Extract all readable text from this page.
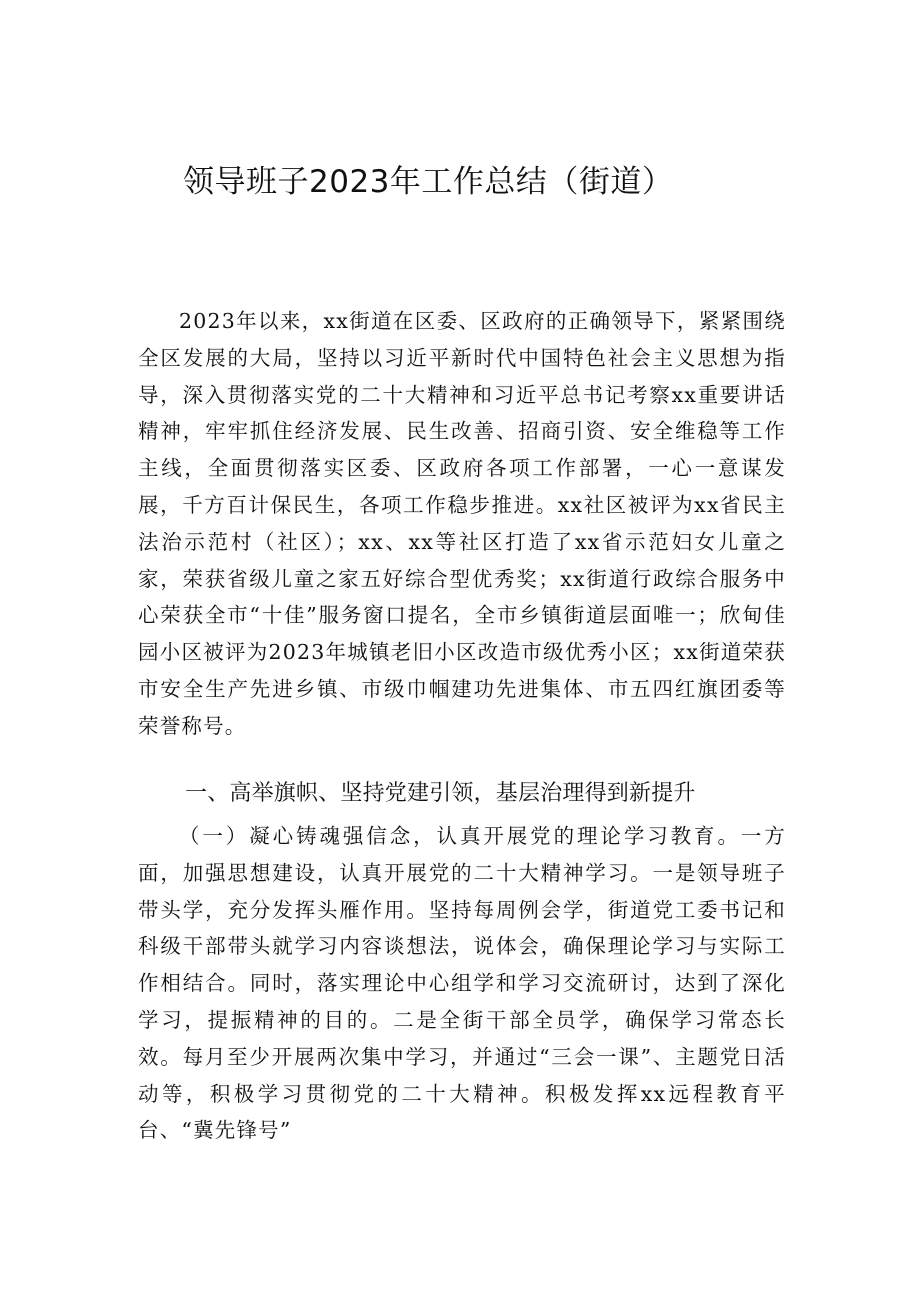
领导班子2023年工作总结（街道）

2023年以来，xx街道在区委、区政府的正确领导下，紧紧围绕全区发展的大局，坚持以习近平新时代中国特色社会主义思想为指导，深入贯彻落实党的二十大精神和习近平总书记考察xx重要讲话精神，牢牢抓住经济发展、民生改善、招商引资、安全维稳等工作主线，全面贯彻落实区委、区政府各项工作部署，一心一意谋发展，千方百计保民生，各项工作稳步推进。xx社区被评为xx省民主法治示范村（社区）；xx、xx等社区打造了xx省示范妇女儿童之家，荣获省级儿童之家五好综合型优秀奖；xx街道行政综合服务中心荣获全市“十佳”服务窗口提名，全市乡镇街道层面唯一；欣甸佳园小区被评为2023年城镇老旧小区改造市级优秀小区；xx街道荣获市安全生产先进乡镇、市级巾帼建功先进集体、市五四红旗团委等荣誉称号。

一、高举旗帜、坚持党建引领，基层治理得到新提升

（一）凝心铸魂强信念，认真开展党的理论学习教育。一方面，加强思想建设，认真开展党的二十大精神学习。一是领导班子带头学，充分发挥头雁作用。坚持每周例会学，街道党工委书记和科级干部带头就学习内容谈想法，说体会，确保理论学习与实际工作相结合。同时，落实理论中心组学和学习交流研讨，达到了深化学习，提振精神的目的。二是全街干部全员学，确保学习常态长效。每月至少开展两次集中学习，并通过“三会一课”、主题党日活动等，积极学习贯彻党的二十大精神。积极发挥xx远程教育平台、“冀先锋号”
